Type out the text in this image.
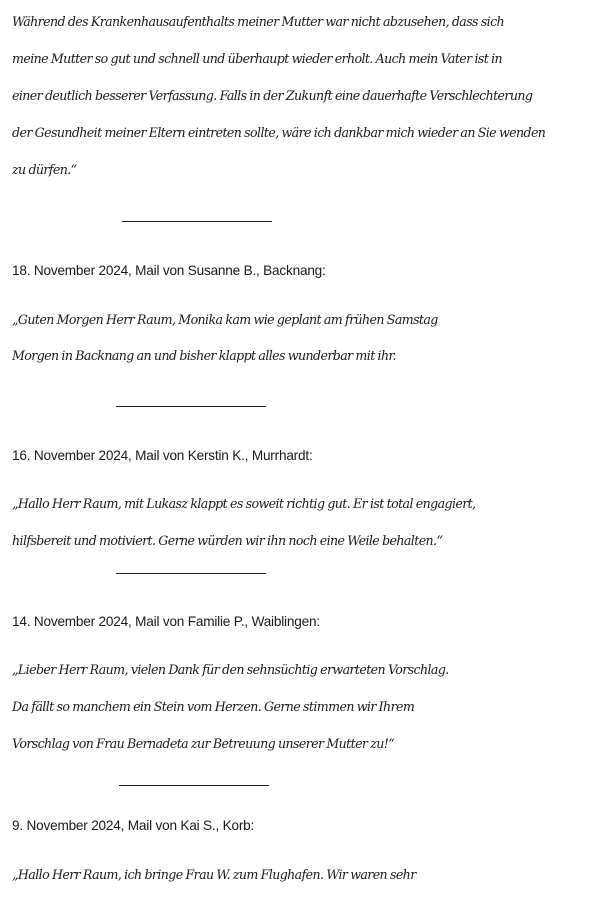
Während des Krankenhausaufenthalts meiner Mutter war nicht abzusehen, dass sich
meine Mutter so gut und schnell und überhaupt wieder erholt. Auch mein Vater ist in
einer deutlich besserer Verfassung. Falls in der Zukunft eine dauerhafte Verschlechterung
der Gesundheit meiner Eltern eintreten sollte, wäre ich dankbar mich wieder an Sie wenden
zu dürfen.“
18. November 2024, Mail von Susanne B., Backnang:
„Guten Morgen Herr Raum, Monika kam wie geplant am frühen Samstag
Morgen in Backnang an und bisher klappt alles wunderbar mit ihr.
16. November 2024, Mail von Kerstin K., Murrhardt:
„Hallo Herr Raum, mit Lukasz klappt es soweit richtig gut. Er ist total engagiert,
hilfsbereit und motiviert. Gerne würden wir ihn noch eine Weile behalten.“
14. November 2024, Mail von Familie P., Waiblingen:
„Lieber Herr Raum, vielen Dank für den sehnsüchtig erwarteten Vorschlag.
Da fällt so manchem ein Stein vom Herzen. Gerne stimmen wir Ihrem
Vorschlag von Frau Bernadeta zur Betreuung unserer Mutter zu!“
9. November 2024, Mail von Kai S., Korb:
„Hallo Herr Raum, ich bringe Frau W. zum Flughafen. Wir waren sehr
